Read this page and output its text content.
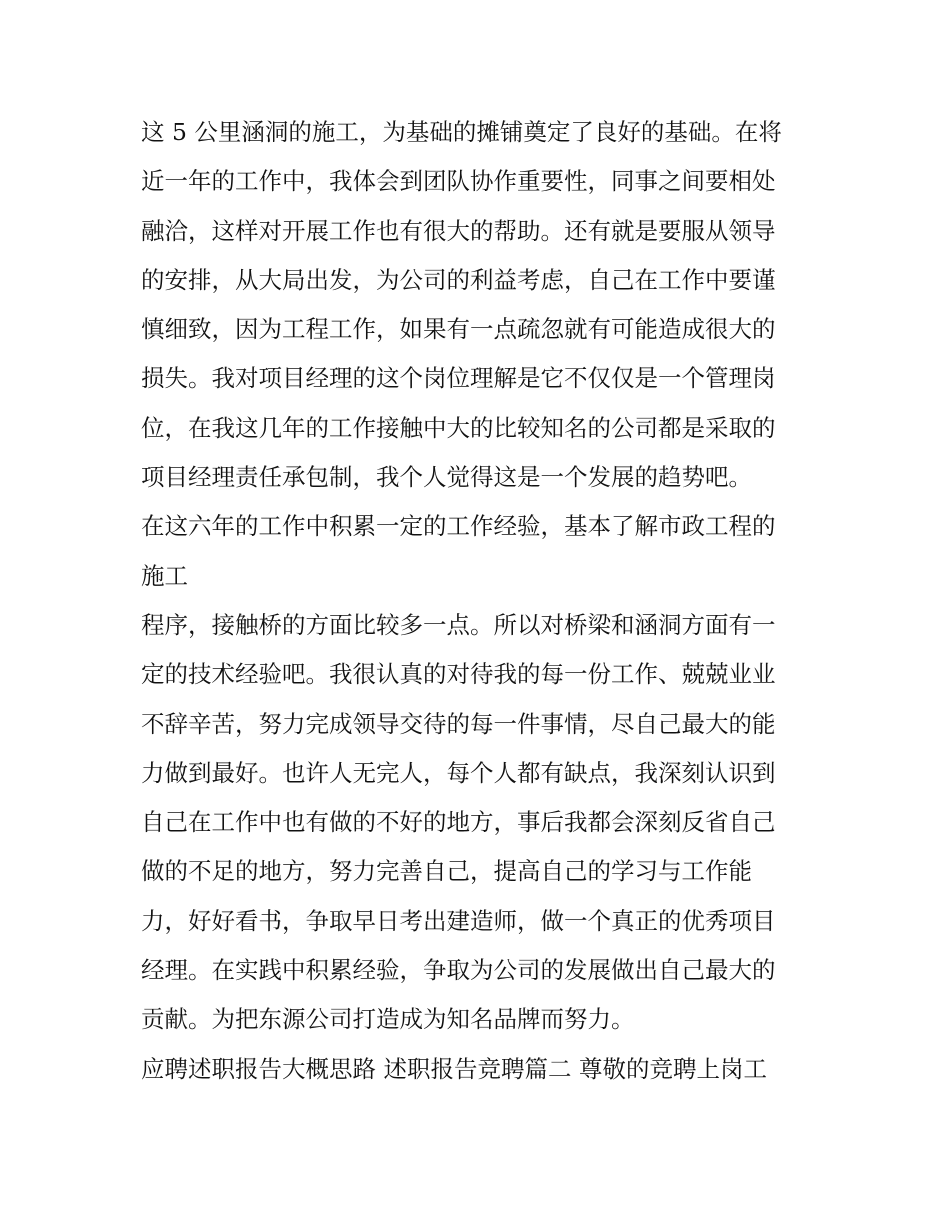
这 5 公里涵洞的施工，为基础的摊铺奠定了良好的基础。在将
近一年的工作中，我体会到团队协作重要性，同事之间要相处
融洽，这样对开展工作也有很大的帮助。还有就是要服从领导
的安排，从大局出发，为公司的利益考虑，自己在工作中要谨
慎细致，因为工程工作，如果有一点疏忽就有可能造成很大的
损失。我对项目经理的这个岗位理解是它不仅仅是一个管理岗
位，在我这几年的工作接触中大的比较知名的公司都是采取的
项目经理责任承包制，我个人觉得这是一个发展的趋势吧。
在这六年的工作中积累一定的工作经验，基本了解市政工程的
施工
程序，接触桥的方面比较多一点。所以对桥梁和涵洞方面有一
定的技术经验吧。我很认真的对待我的每一份工作、兢兢业业
不辞辛苦，努力完成领导交待的每一件事情，尽自己最大的能
力做到最好。也许人无完人，每个人都有缺点，我深刻认识到
自己在工作中也有做的不好的地方，事后我都会深刻反省自己
做的不足的地方，努力完善自己，提高自己的学习与工作能
力，好好看书，争取早日考出建造师，做一个真正的优秀项目
经理。在实践中积累经验，争取为公司的发展做出自己最大的
贡献。为把东源公司打造成为知名品牌而努力。
应聘述职报告大概思路 述职报告竞聘篇二 尊敬的竞聘上岗工
